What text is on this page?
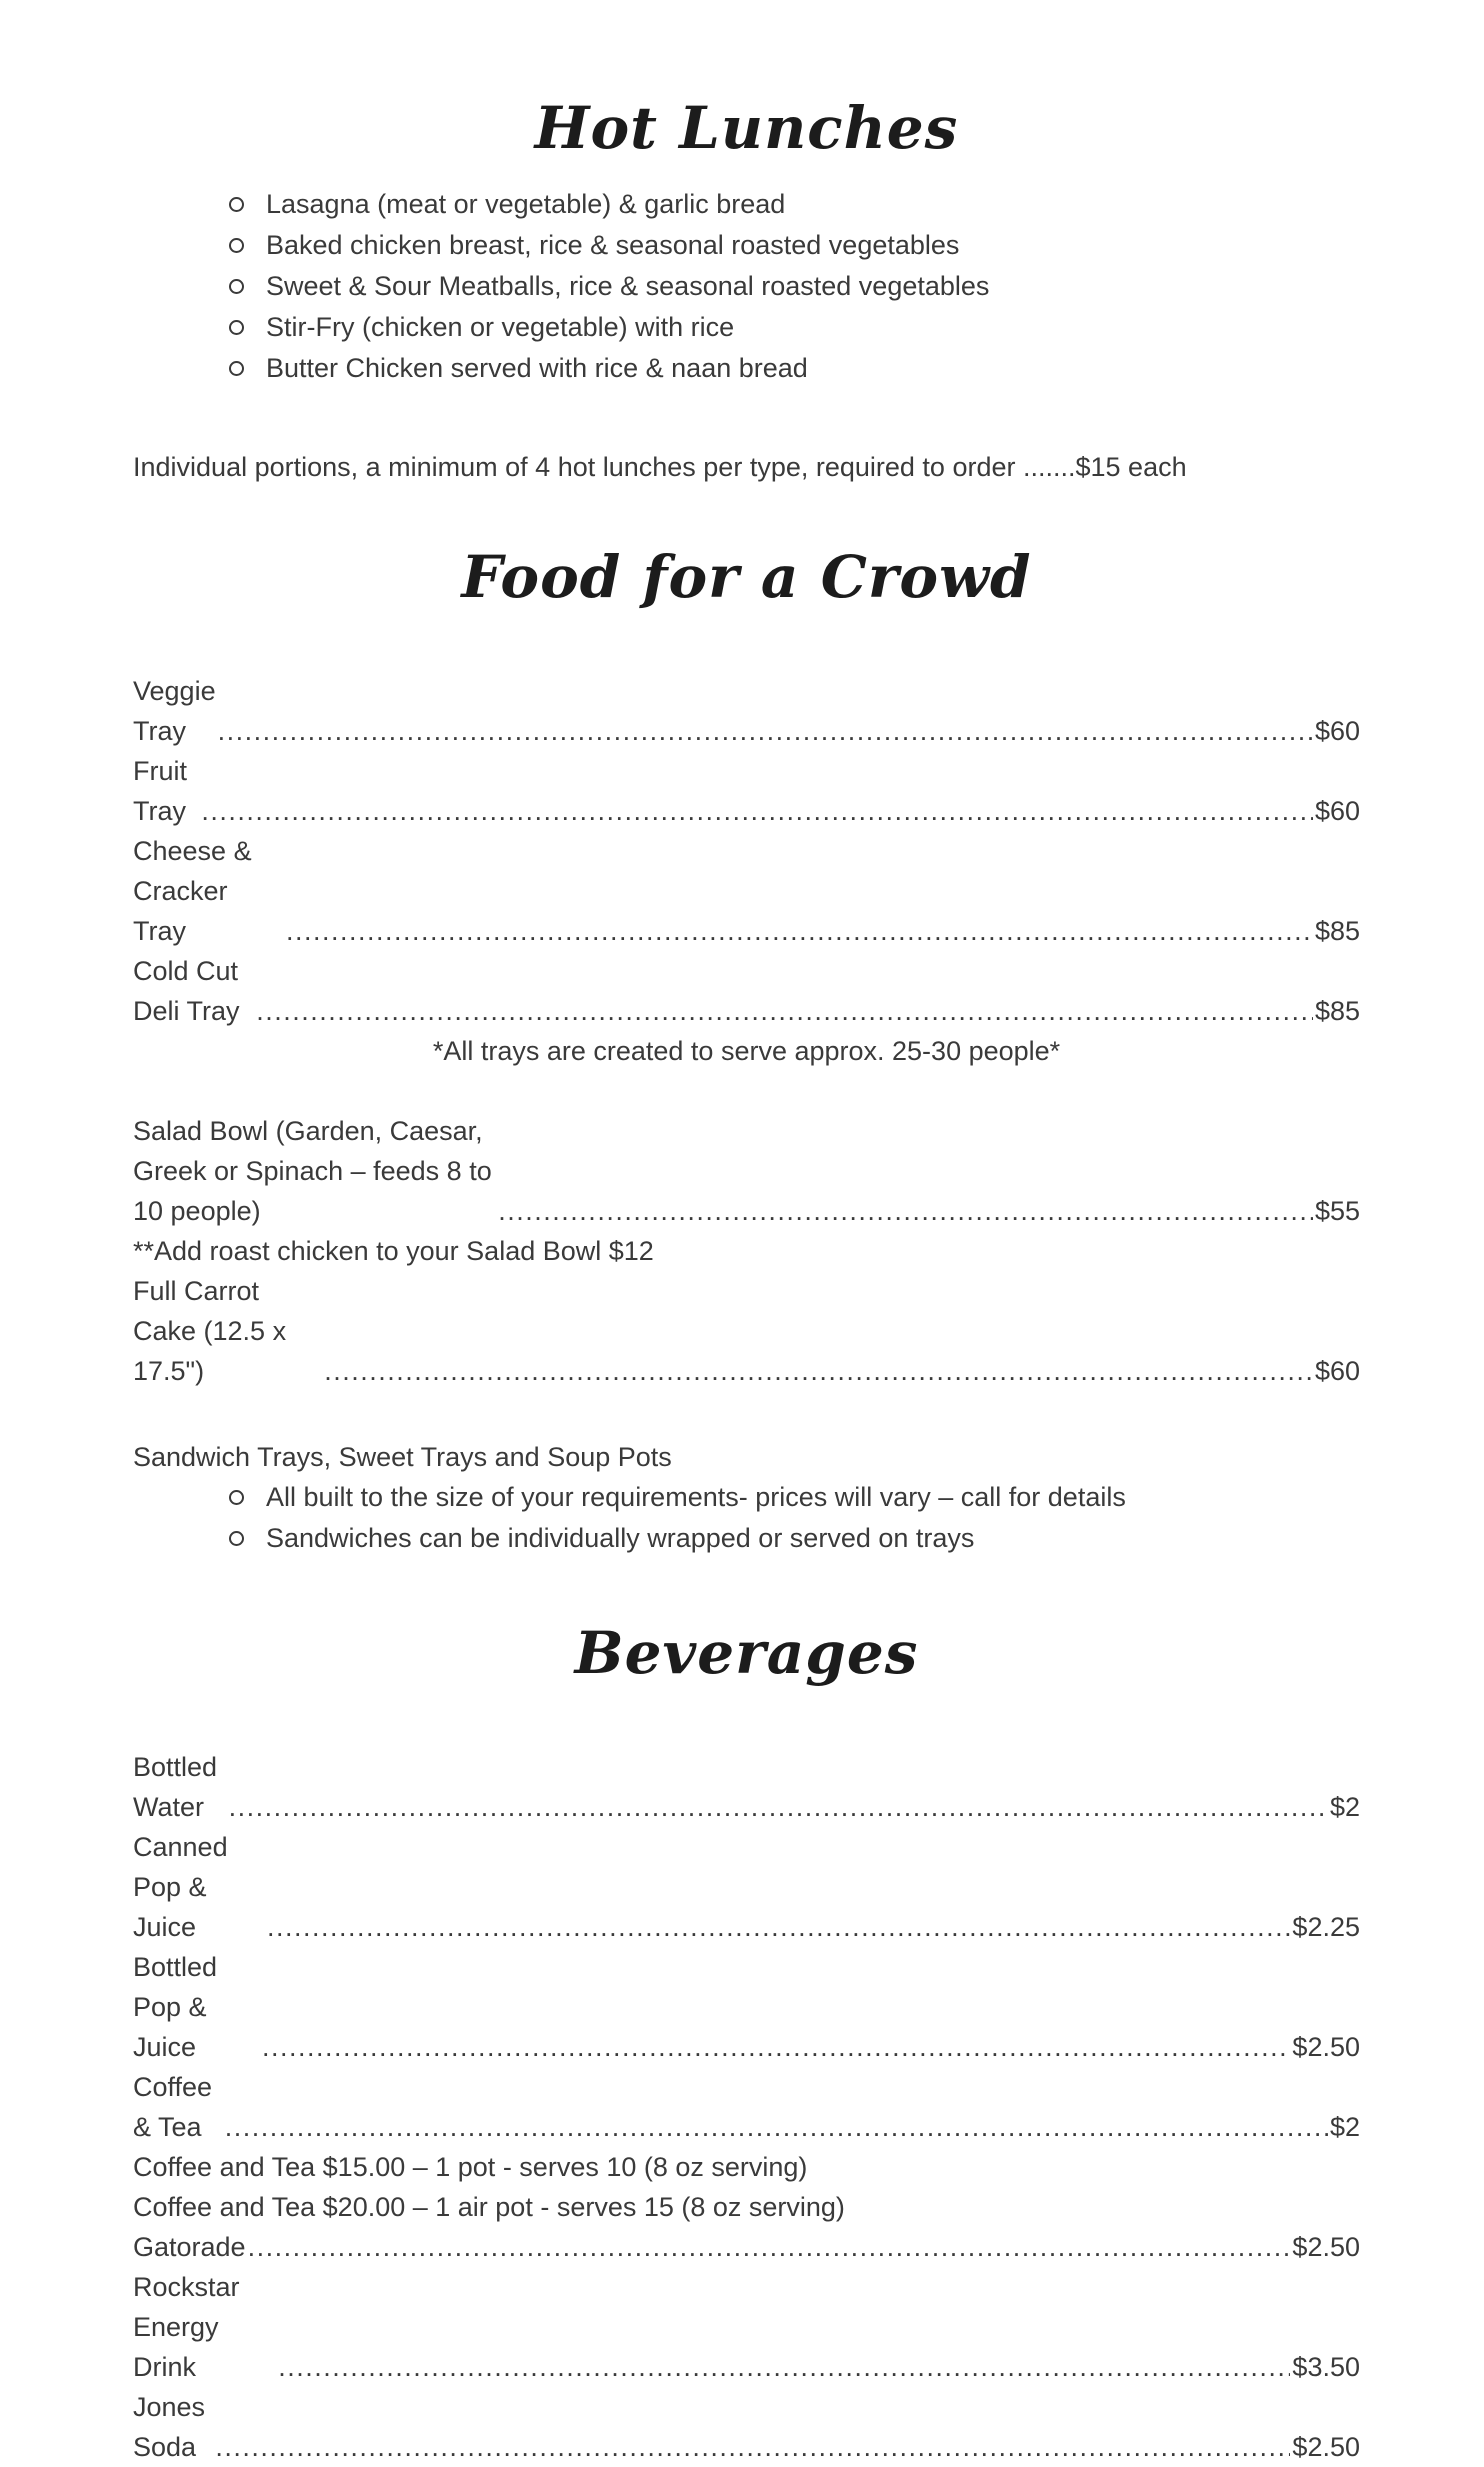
Hot Lunches
Lasagna (meat or vegetable) & garlic bread
Baked chicken breast, rice & seasonal roasted vegetables
Sweet & Sour Meatballs, rice & seasonal roasted vegetables
Stir-Fry (chicken or vegetable) with rice
Butter Chicken served with rice & naan bread

Individual portions, a minimum of 4 hot lunches per type, required to order .......$15 each

Food for a Crowd
Veggie Tray .....	$60
Fruit Tray .....	$60
Cheese & Cracker Tray .....	$85
Cold Cut Deli Tray .....	$85

*All trays are created to serve approx. 25-30 people*

Salad Bowl (Garden, Caesar, Greek or Spinach – feeds 8 to 10 people) .....	$55
**Add roast chicken to your Salad Bowl $12
Full Carrot Cake (12.5 x 17.5") .....	$60

Sandwich Trays, Sweet Trays and Soup Pots

All built to the size of your requirements- prices will vary – call for details
Sandwiches can be individually wrapped or served on trays
Beverages
Bottled Water .....	$2
Canned Pop & Juice .....	$2.25
Bottled Pop & Juice .....	$2.50
Coffee & Tea .....	$2
Coffee and Tea $15.00 – 1 pot - serves 10 (8 oz serving)
Coffee and Tea $20.00 – 1 air pot - serves 15 (8 oz serving)
Gatorade .....	$2.50
Rockstar Energy Drink .....	$3.50
Jones Soda .....	$2.50
